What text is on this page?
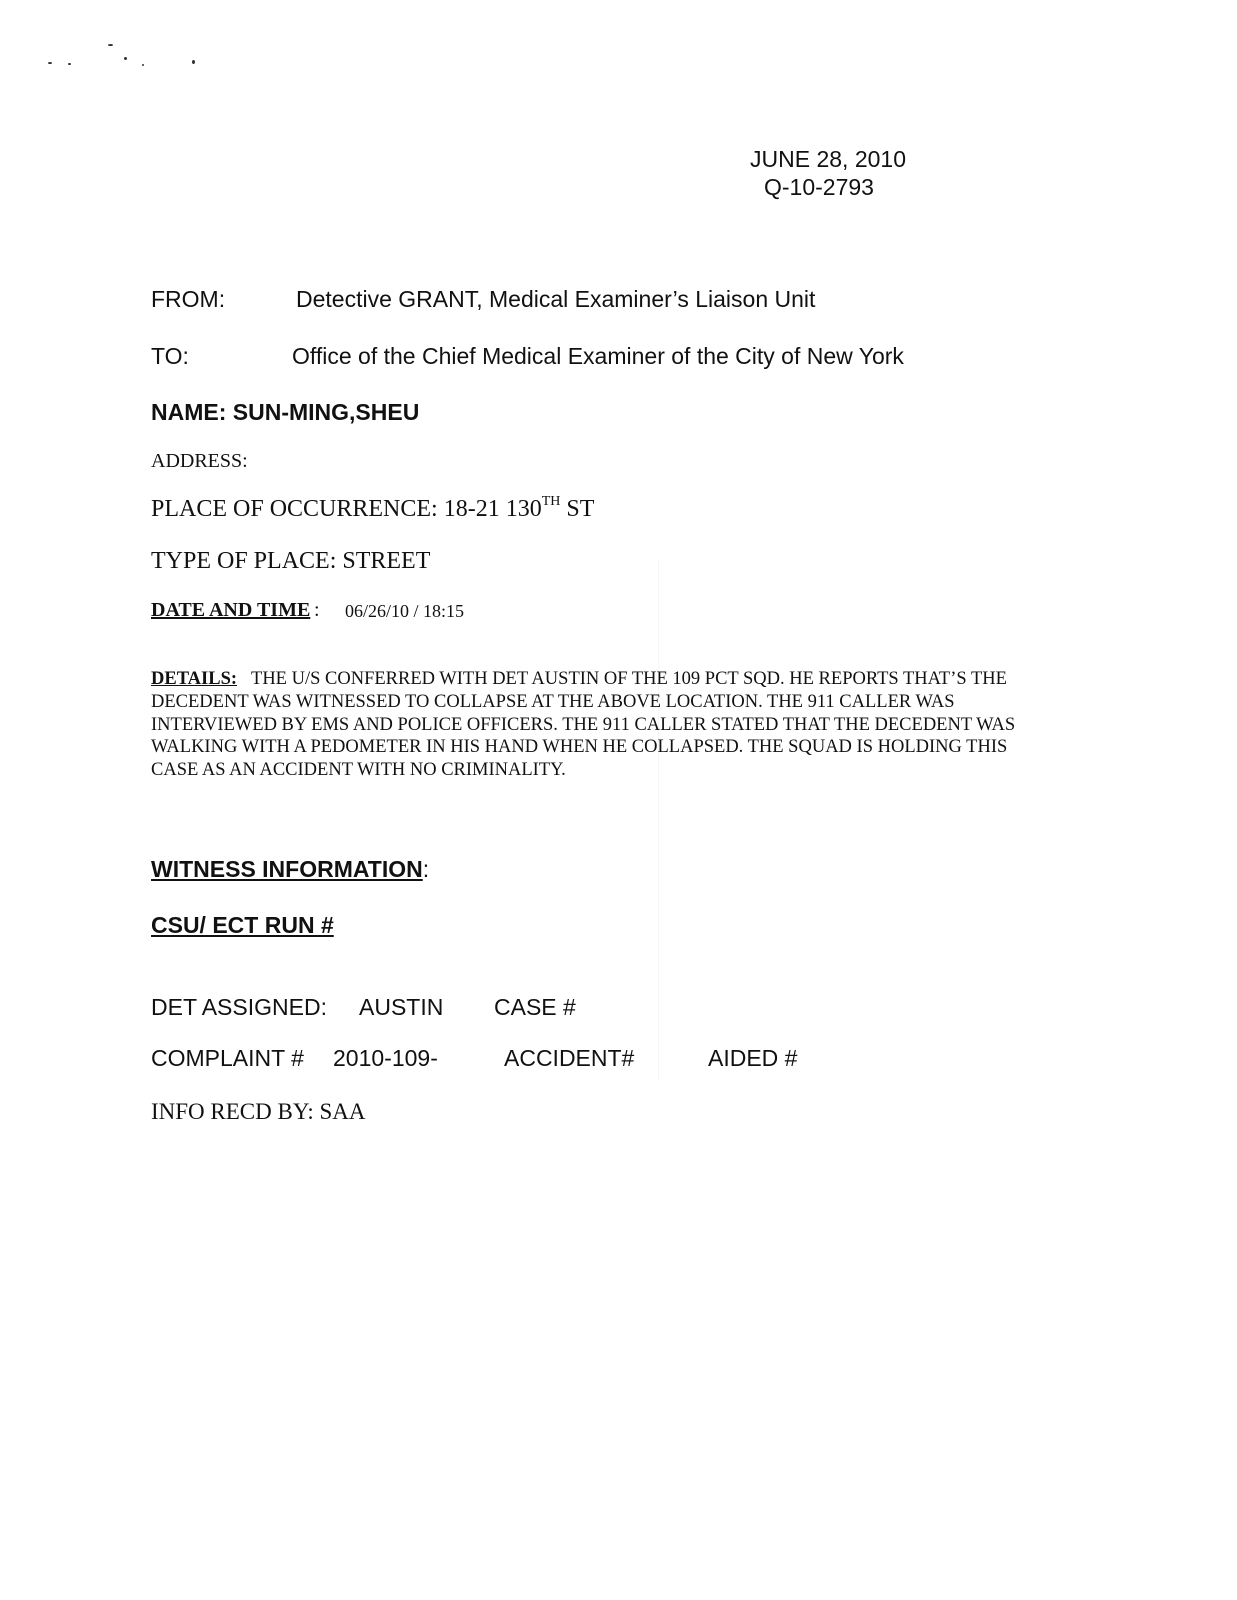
JUNE 28, 2010
Q-10-2793
FROM:	Detective GRANT, Medical Examiner’s Liaison Unit
TO:	Office of the Chief Medical Examiner of the City of New York
NAME: SUN-MING,SHEU
ADDRESS:
PLACE OF OCCURRENCE: 18-21 130TH ST
TYPE OF PLACE: STREET
DATE AND TIME : 06/26/10 / 18:15
DETAILS: THE U/S CONFERRED WITH DET AUSTIN OF THE 109 PCT SQD. HE REPORTS THAT’S THE DECEDENT WAS WITNESSED TO COLLAPSE AT THE ABOVE LOCATION. THE 911 CALLER WAS INTERVIEWED BY EMS AND POLICE OFFICERS. THE 911 CALLER STATED THAT THE DECEDENT WAS WALKING WITH A PEDOMETER IN HIS HAND WHEN HE COLLAPSED. THE SQUAD IS HOLDING THIS CASE AS AN ACCIDENT WITH NO CRIMINALITY.
WITNESS INFORMATION:
CSU/ ECT RUN #
DET ASSIGNED: AUSTIN CASE #
COMPLAINT # 2010-109-	ACCIDENT#	AIDED #
INFO RECD BY: SAA
